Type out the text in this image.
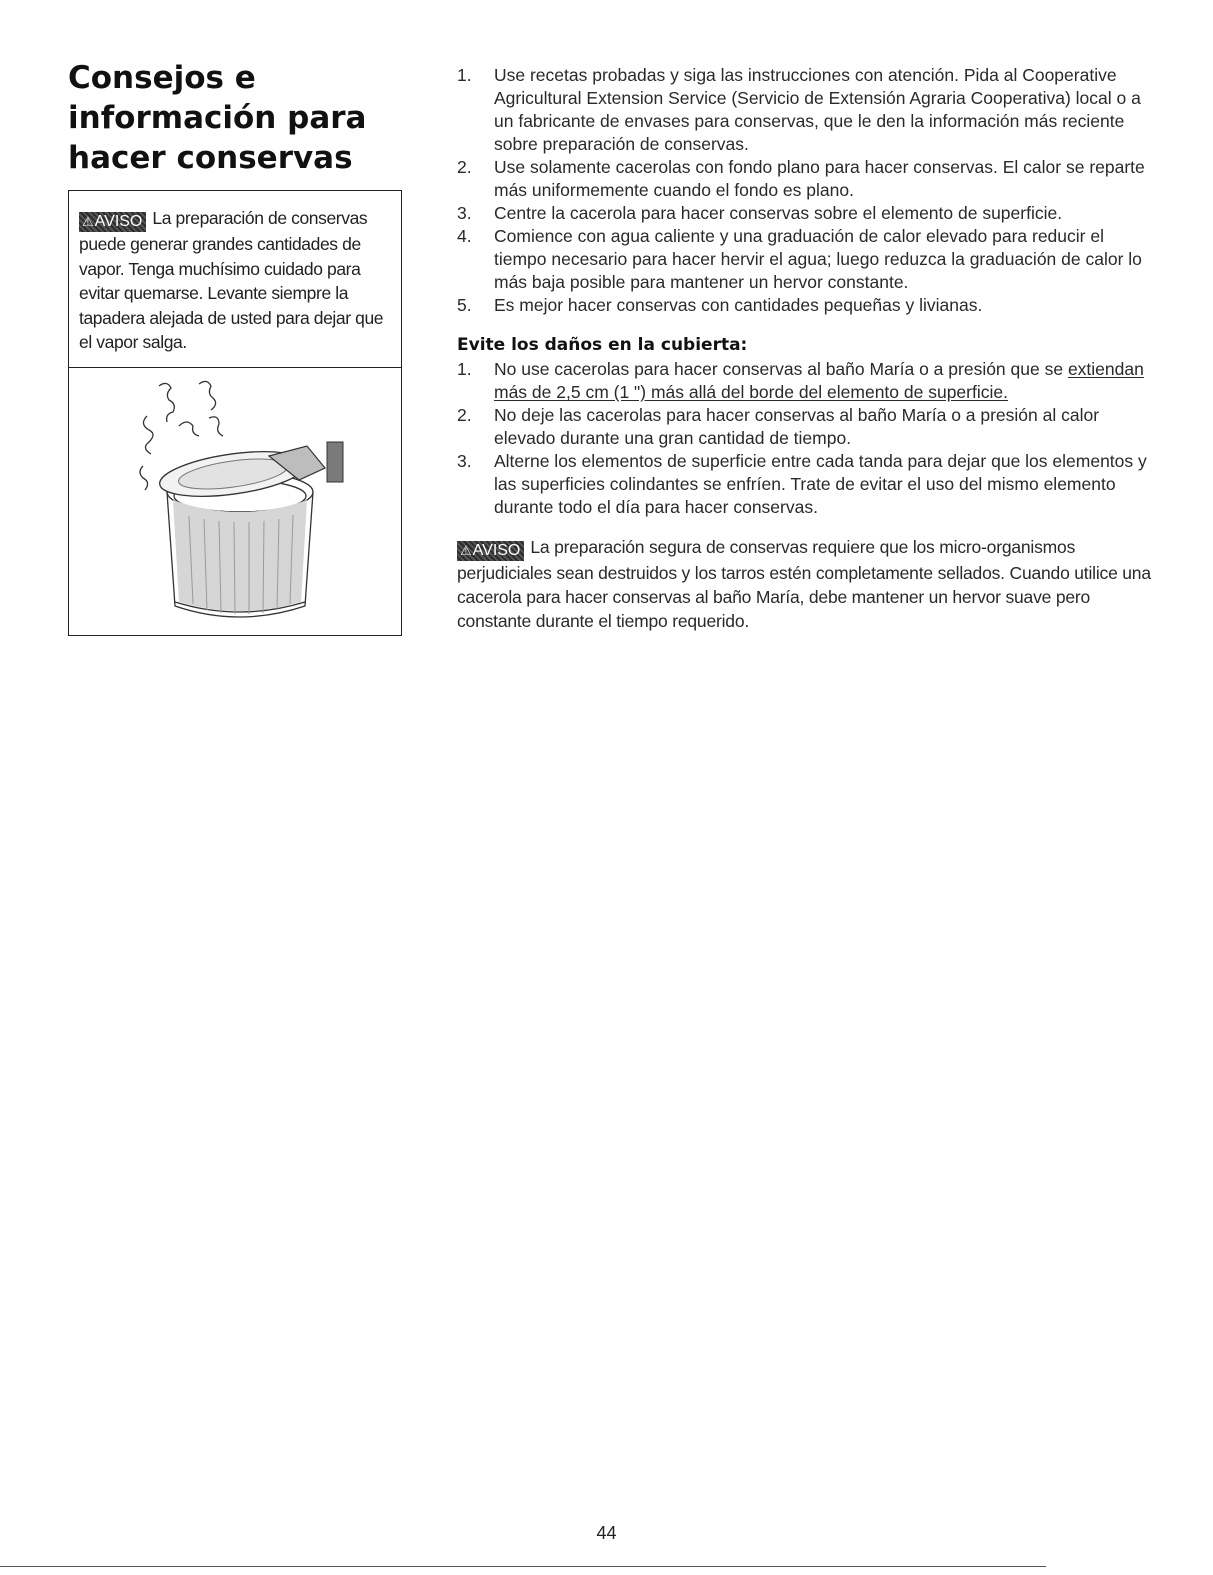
Consejos e información para hacer conservas
⚠AVISO La preparación de conservas puede generar grandes cantidades de vapor. Tenga muchísimo cuidado para evitar quemarse. Levante siempre la tapadera alejada de usted para dejar que el vapor salga.
1. Use recetas probadas y siga las instrucciones con atención. Pida al Cooperative Agricultural Extension Service (Servicio de Extensión Agraria Cooperativa) local o a un fabricante de envases para conservas, que le den la información más reciente sobre preparación de conservas.
2. Use solamente cacerolas con fondo plano para hacer conservas. El calor se reparte más uniformemente cuando el fondo es plano.
3. Centre la cacerola para hacer conservas sobre el elemento de superficie.
4. Comience con agua caliente y una graduación de calor elevado para reducir el tiempo necesario para hacer hervir el agua; luego reduzca la graduación de calor lo más baja posible para mantener un hervor constante.
5. Es mejor hacer conservas con cantidades pequeñas y livianas.
Evite los daños en la cubierta:
1. No use cacerolas para hacer conservas al baño María o a presión que se extiendan más de 2,5 cm (1 ") más allá del borde del elemento de superficie.
2. No deje las cacerolas para hacer conservas al baño María o a presión al calor elevado durante una gran cantidad de tiempo.
3. Alterne los elementos de superficie entre cada tanda para dejar que los elementos y las superficies colindantes se enfríen. Trate de evitar el uso del mismo elemento durante todo el día para hacer conservas.
⚠AVISO La preparación segura de conservas requiere que los micro-organismos perjudiciales sean destruidos y los tarros estén completamente sellados. Cuando utilice una cacerola para hacer conservas al baño María, debe mantener un hervor suave pero constante durante el tiempo requerido.
44
